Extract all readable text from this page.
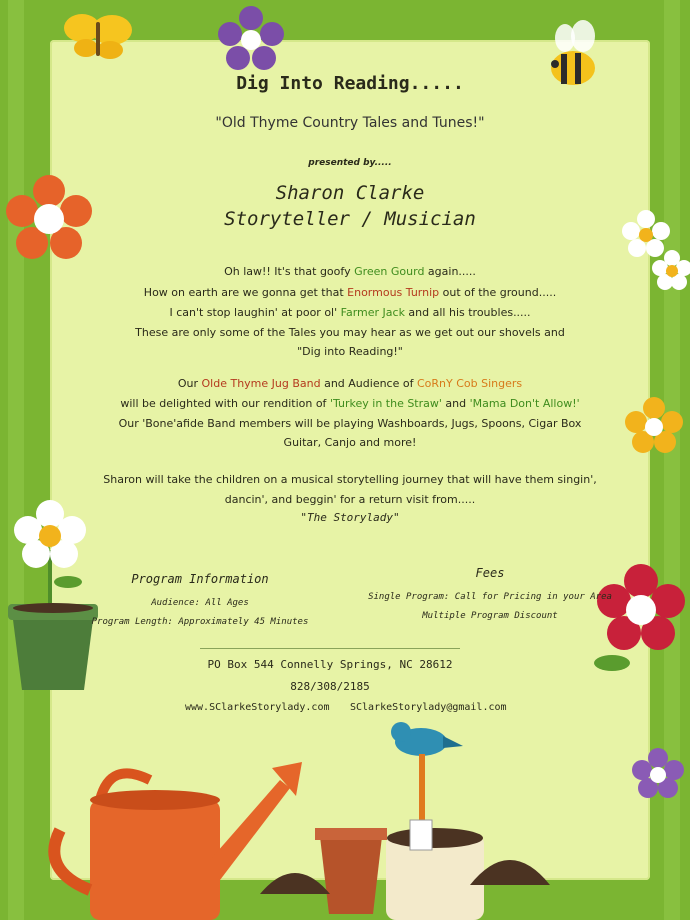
Dig Into Reading.....
"Old Thyme Country Tales and Tunes!"
presented by.....
Sharon Clarke
Storyteller / Musician
Oh law!! It's that goofy Green Gourd again.....
How on earth are we gonna get that Enormous Turnip out of the ground.....
I can't stop laughin' at poor ol' Farmer Jack and all his troubles.....
These are only some of the Tales you may hear as we get out our shovels and
"Dig into Reading!"
Our Olde Thyme Jug Band and Audience of CoRnY Cob Singers
will be delighted with our rendition of 'Turkey in the Straw' and 'Mama Don't Allow!'
Our 'Bone'afide Band members will be playing Washboards, Jugs, Spoons, Cigar Box
Guitar, Canjo and more!
Sharon will take the children on a musical storytelling journey that will have them singin',
dancin', and beggin' for a return visit from.....
"The Storylady"
Program Information
Audience: All Ages
Program Length: Approximately 45 Minutes
Fees
Single Program: Call for Pricing in your Area
Multiple Program Discount
PO Box 544 Connelly Springs, NC 28612
828/308/2185
www.SClarkeStorylady.com SClarkeStorylady@gmail.com
